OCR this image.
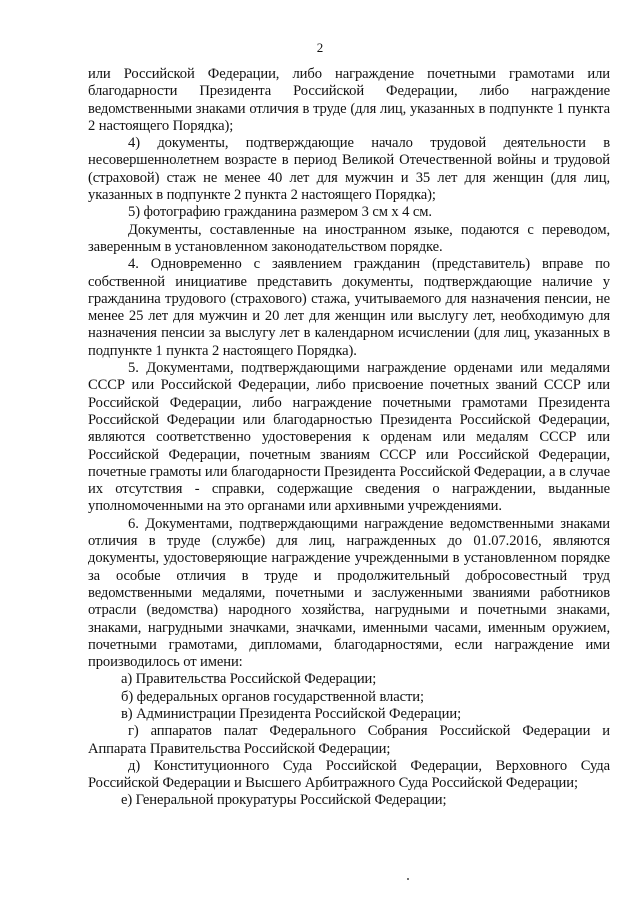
2

или Российской Федерации, либо награждение почетными грамотами или благодарности Президента Российской Федерации, либо награждение ведомственными знаками отличия в труде (для лиц, указанных в подпункте 1 пункта 2 настоящего Порядка);

4) документы, подтверждающие начало трудовой деятельности в несовершеннолетнем возрасте в период Великой Отечественной войны и трудовой (страховой) стаж не менее 40 лет для мужчин и 35 лет для женщин (для лиц, указанных в подпункте 2 пункта 2 настоящего Порядка);

5) фотографию гражданина размером 3 см х 4 см.

Документы, составленные на иностранном языке, подаются с переводом, заверенным в установленном законодательством порядке.

4. Одновременно с заявлением гражданин (представитель) вправе по собственной инициативе представить документы, подтверждающие наличие у гражданина трудового (страхового) стажа, учитываемого для назначения пенсии, не менее 25 лет для мужчин и 20 лет для женщин или выслугу лет, необходимую для назначения пенсии за выслугу лет в календарном исчислении (для лиц, указанных в подпункте 1 пункта 2 настоящего Порядка).

5. Документами, подтверждающими награждение орденами или медалями СССР или Российской Федерации, либо присвоение почетных званий СССР или Российской Федерации, либо награждение почетными грамотами Президента Российской Федерации или благодарностью Президента Российской Федерации, являются соответственно удостоверения к орденам или медалям СССР или Российской Федерации, почетным званиям СССР или Российской Федерации, почетные грамоты или благодарности Президента Российской Федерации, а в случае их отсутствия - справки, содержащие сведения о награждении, выданные уполномоченными на это органами или архивными учреждениями.

6. Документами, подтверждающими награждение ведомственными знаками отличия в труде (службе) для лиц, награжденных до 01.07.2016, являются документы, удостоверяющие награждение учрежденными в установленном порядке за особые отличия в труде и продолжительный добросовестный труд ведомственными медалями, почетными и заслуженными званиями работников отрасли (ведомства) народного хозяйства, нагрудными и почетными знаками, знаками, нагрудными значками, значками, именными часами, именным оружием, почетными грамотами, дипломами, благодарностями, если награждение ими производилось от имени:

а) Правительства Российской Федерации;

б) федеральных органов государственной власти;

в) Администрации Президента Российской Федерации;

г) аппаратов палат Федерального Собрания Российской Федерации и Аппарата Правительства Российской Федерации;

д) Конституционного Суда Российской Федерации, Верховного Суда Российской Федерации и Высшего Арбитражного Суда Российской Федерации;

е) Генеральной прокуратуры Российской Федерации;
